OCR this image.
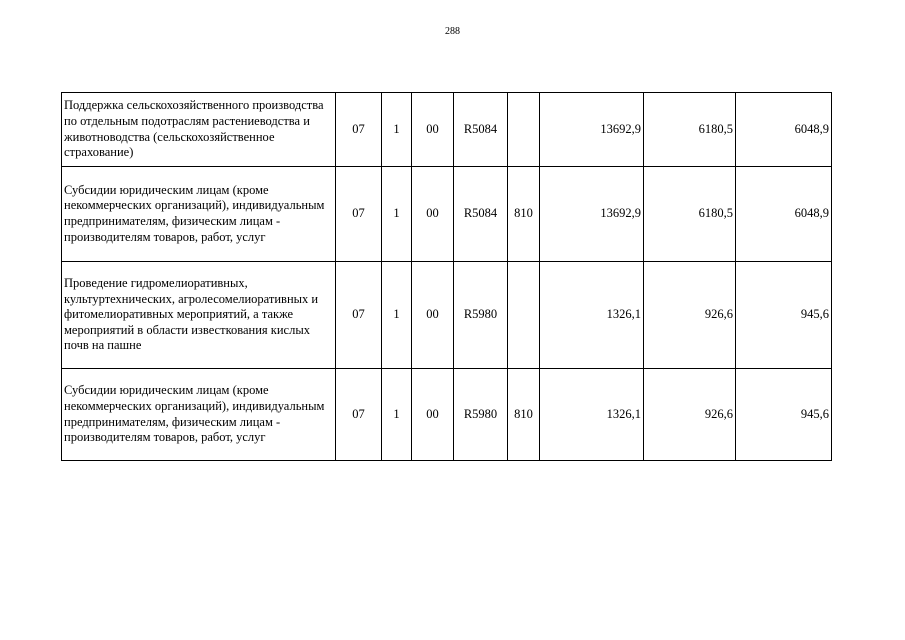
288
Поддержка сельскохозяйственного производства по отдельным подотраслям растениеводства и животноводства (сельскохозяйственное страхование)	07	1	00	R5084		13692,9	6180,5	6048,9
Субсидии юридическим лицам (кроме некоммерческих организаций), индивидуальным предпринимателям, физическим лицам - производителям товаров, работ, услуг	07	1	00	R5084	810	13692,9	6180,5	6048,9
Проведение гидромелиоративных, культуртехнических, агролесомелиоративных и фитомелиоративных мероприятий, а также мероприятий в области известкования кислых почв на пашне	07	1	00	R5980		1326,1	926,6	945,6
Субсидии юридическим лицам (кроме некоммерческих организаций), индивидуальным предпринимателям, физическим лицам - производителям товаров, работ, услуг	07	1	00	R5980	810	1326,1	926,6	945,6
